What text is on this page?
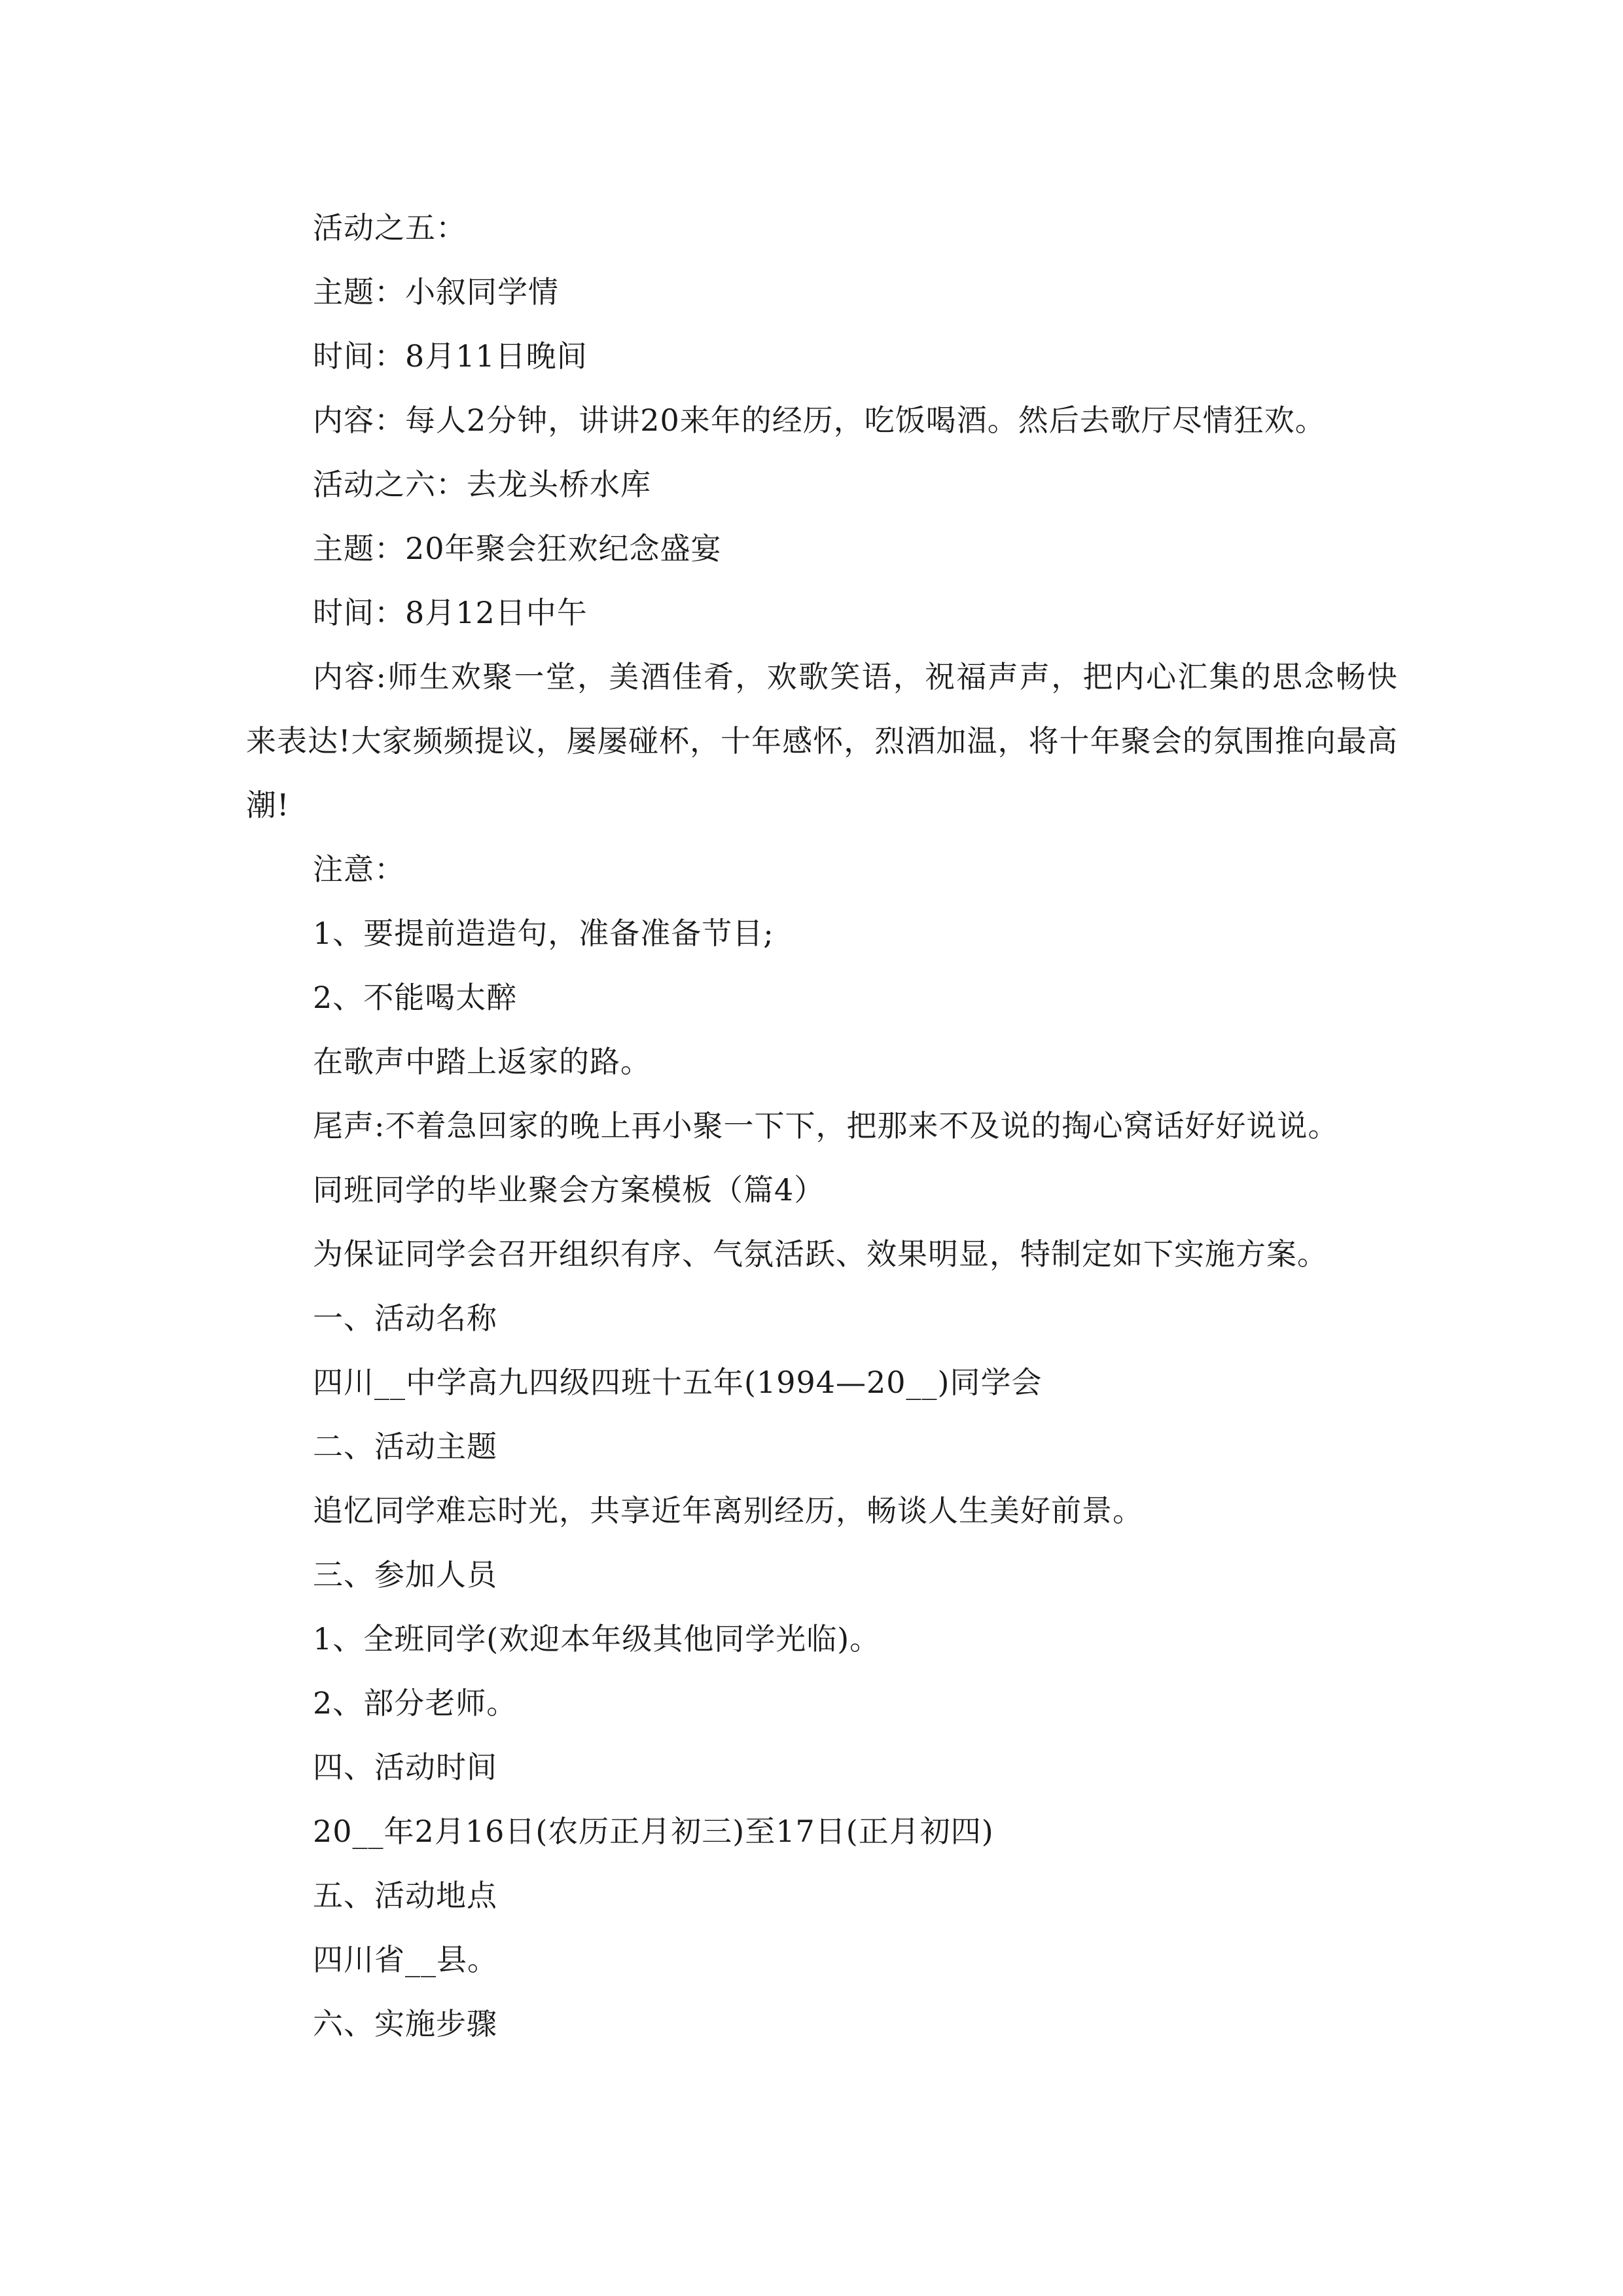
活动之五：
主题：小叙同学情
时间：8月11日晚间
内容：每人2分钟，讲讲20来年的经历，吃饭喝酒。然后去歌厅尽情狂欢。
活动之六：去龙头桥水库
主题：20年聚会狂欢纪念盛宴
时间：8月12日中午

内容:师生欢聚一堂，美酒佳肴，欢歌笑语，祝福声声，把内心汇集的思念畅快来表达!大家频频提议，屡屡碰杯，十年感怀，烈酒加温，将十年聚会的氛围推向最高潮!

注意：
1、要提前造造句，准备准备节目;
2、不能喝太醉
在歌声中踏上返家的路。
尾声:不着急回家的晚上再小聚一下下，把那来不及说的掏心窝话好好说说。
同班同学的毕业聚会方案模板（篇4）
为保证同学会召开组织有序、气氛活跃、效果明显，特制定如下实施方案。
一、活动名称
四川__中学高九四级四班十五年(1994—20__)同学会
二、活动主题
追忆同学难忘时光，共享近年离别经历，畅谈人生美好前景。
三、参加人员
1、全班同学(欢迎本年级其他同学光临)。
2、部分老师。
四、活动时间
20__年2月16日(农历正月初三)至17日(正月初四)
五、活动地点
四川省__县。
六、实施步骤
